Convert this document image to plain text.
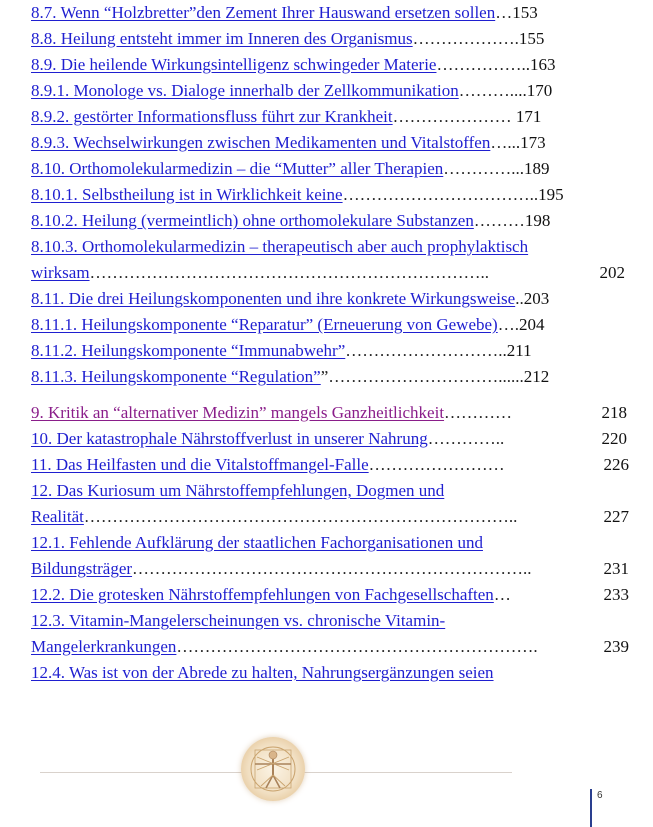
8.7. Wenn “Holzbretter”den Zement Ihrer Hauswand ersetzen sollen…153
8.8. Heilung entsteht immer im Inneren des Organismus……………….155
8.9. Die heilende Wirkungsintelligenz schwingeder Materie……………..163
8.9.1. Monologe vs. Dialoge innerhalb der Zellkommunikation………....170
8.9.2. gestörter Informationsfluss führt zur Krankheit………………… 171
8.9.3. Wechselwirkungen zwischen Medikamenten und Vitalstoffen…...173
8.10. Orthomolekularmedizin – die “Mutter” aller Therapien…………...189
8.10.1. Selbstheilung ist in Wirklichkeit keine……………………………..195
8.10.2. Heilung (vermeintlich) ohne orthomolekulare Substanzen………198
8.10.3. Orthomolekularmedizin – therapeutisch aber auch prophylaktisch
wirksam……………………………………………………………..	202
8.11. Die drei Heilungskomponenten und ihre konkrete Wirkungsweise..203
8.11.1. Heilungskomponente “Reparatur” (Erneuerung von Gewebe)….204
8.11.2. Heilungskomponente “Immunabwehr”………………………..211
8.11.3. Heilungskomponente “Regulation””…………………………......212
9. Kritik an “alternativer Medizin” mangels Ganzheitlichkeit…………	218
10. Der katastrophale Nährstoffverlust in unserer Nahrung…………..	220
11. Das Heilfasten und die Vitalstoffmangel-Falle……………………	226
12. Das Kuriosum um Nährstoffempfehlungen, Dogmen und
Realität…………………………………………………………………..	227
12.1. Fehlende Aufklärung der staatlichen Fachorganisationen und
Bildungsträger……………………………………………………………..	231
12.2. Die grotesken Nährstoffempfehlungen von Fachgesellschaften…	233
12.3. Vitamin-Mangelerscheinungen vs. chronische Vitamin-
Mangelerkrankungen……………………………………………………….	239
12.4. Was ist von der Abrede zu halten, Nahrungsergänzungen seien
6
